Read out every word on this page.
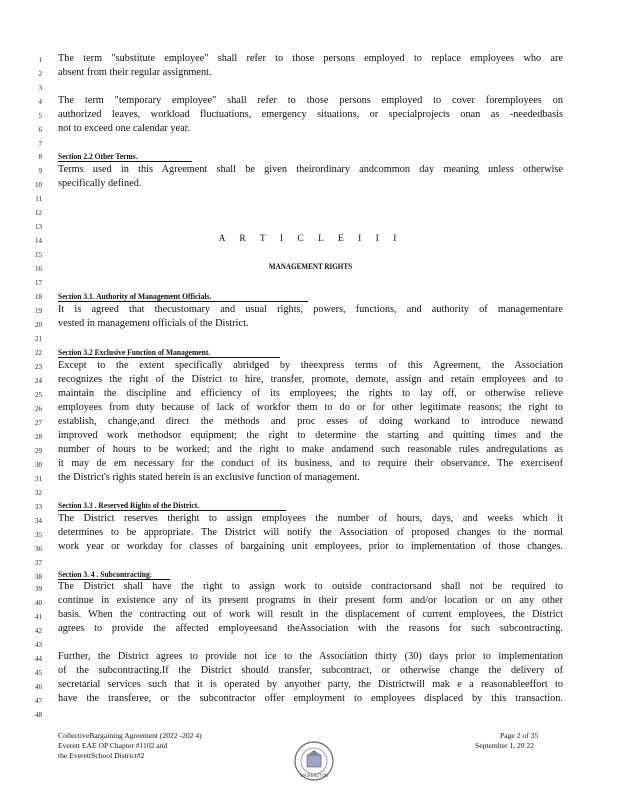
1
2
3
4
5
6
7
8
9
10
11
12
13
14
15
16
17
18
19
20
21
22
23
24
25
26
27
28
29
30
31
32
33
34
35
36
37
38
39
40
41
42
43
44
45
46
47
48
The term "substitute employee" shall refer to those persons employed to replace employees who are
absent from their regular assignment.
The term "temporary employee" shall refer to those persons employed to cover foremployees on
authorized leaves, workload fluctuations, emergency situations, or specialprojects onan as -neededbasis
not to exceed one calendar year.
Section 2.2 Other Terms.
Terms used in this Agreement shall be given theirordinary andcommon day meaning unless otherwise
specifically defined.
A R T I C L E I I I
MANAGEMENT RIGHTS
Section 3.1. Authority of Management Officials.
It is agreed that thecustomary and usual rights, powers, functions, and authority of managementare
vested in management officials of the District.
Section 3.2 Exclusive Function of Management.
Except to the extent specifically abridged by theexpress terms of this Agreement, the Association
recognizes the right of the District to hire, transfer, promote, demote, assign and retain employees and to
maintain the discipline and efficiency of its employees; the rights to lay off, or otherwise relieve
employees from duty because of lack of workfor them to do or for other legitimate reasons; the right to
establish, change,and direct the methods and proc esses of doing workand to introduce newand
improved work methodsor equipment; the right to determine the starting and quitting times and the
number of hours to be worked; and the right to make andamend such reasonable rules andregulations as
it may de em necessary for the conduct of its business, and to require their observance. The exerciseof
the District's rights stated herein is an exclusive function of management.
Section 3.3 . Reserved Rights of the District.
The District reserves theright to assign employees the number of hours, days, and weeks which it
determines to be appropriate. The District will notify the Association of proposed changes to the normal
work year or workday for classes of bargaining unit employees, prior to implementation of those changes.
Section 3. 4 . Subcontracting.
The District shall have the right to assign work to outside contractorsand shall not be required to
continue in existence any of its present programs in their present form and/or location or on any other
basis. When the contracting out of work will result in the displacement of current employees, the District
agrees to provide the affected employeesand theAssociation with the reasons for such subcontracting.
Further, the District agrees to provide not ice to the Association thirty (30) days prior to implementation
of the subcontracting.If the District should transfer, subcontract, or otherwise change the delivery of
secretarial services such that it is operated by anyother party, the Districtwill mak e a reasonableeffort to
have the transferee, or the subcontractor offer employment to employees displaced by this transaction.
CollectiveBargaining Agreement (2022 -202 4)
Everett EAE OP Chapter #1102 and
the EverettSchool District#2
Page 2 of 35
September 1, 20 22
WASHINGTON
